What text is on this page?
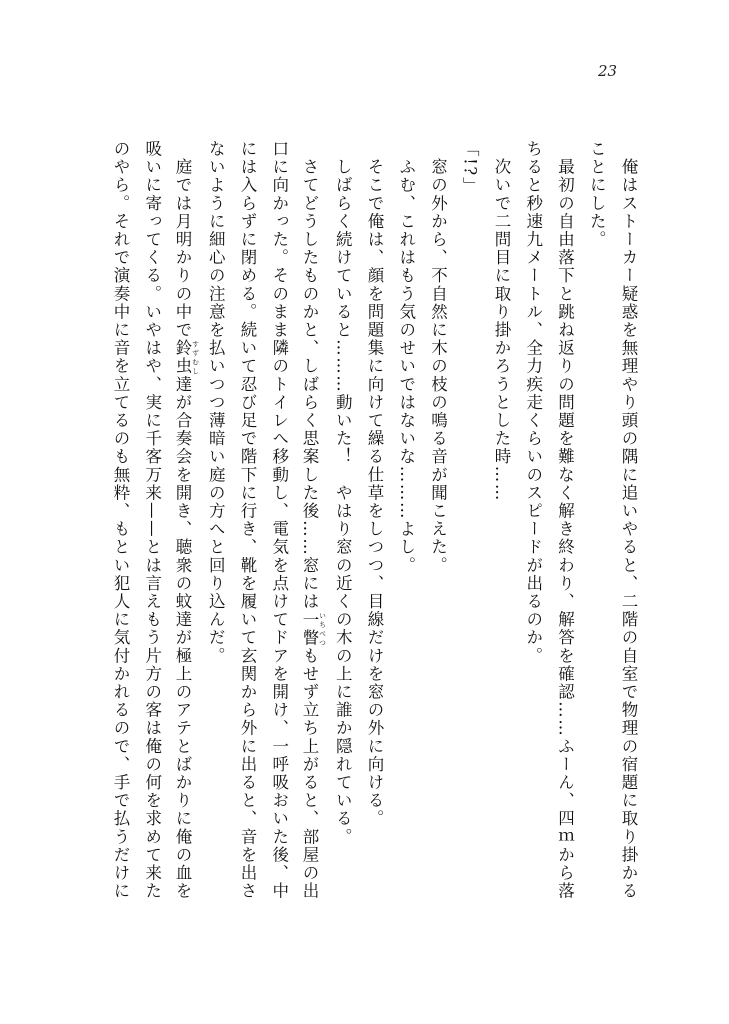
23
　俺はストーカー疑惑を無理やり頭の隅に追いやると、二階の自室で物理の宿題に取り掛かる
ことにした。
　最初の自由落下と跳ね返りの問題を難なく解き終わり、解答を確認……ふーん、四ｍから落
ちると秒速九メートル、全力疾走くらいのスピードが出るのか。
　次いで二問目に取り掛かろうとした時……
「!?」
　窓の外から、不自然に木の枝の鳴る音が聞こえた。
　ふむ、これはもう気のせいではないな………よし。
　そこで俺は、顔を問題集に向けて繰る仕草をしつつ、目線だけを窓の外に向ける。
　しばらく続けていると………動いた！　やはり窓の近くの木の上に誰か隠れている。
　さてどうしたものかと、しばらく思案した後……窓には一瞥 いちべつもせず立ち上がると、部屋の出
口に向かった。そのまま隣のトイレへ移動し、電気を点けてドアを開け、一呼吸おいた後、中
には入らずに閉める。続いて忍び足で階下に行き、靴を履いて玄関から外に出ると、音を出さ
ないように細心の注意を払いつつ薄暗い庭の方へと回り込んだ。
　庭では月明かりの中で鈴虫 すずむし達が合奏会を開き、聴衆の蚊達が極上のアテとばかりに俺の血を
吸いに寄ってくる。いやはや、実に千客万来——とは言えもう片方の客は俺の何を求めて来た
のやら。それで演奏中に音を立てるのも無粋、もとい犯人に気付かれるので、手で払うだけに
